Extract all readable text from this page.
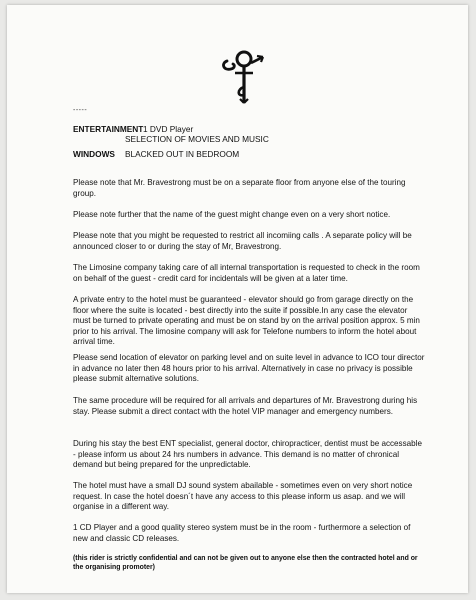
-----
ENTERTAINMENT 1 DVD Player
SELECTION OF MOVIES AND MUSIC
WINDOWS BLACKED OUT IN BEDROOM

Please note that Mr. Bravestrong must be on a separate floor from anyone else of the touring group.

Please note further that the name of the guest might change even on a very short notice.

Please note that you might be requested to restrict all incomiing calls . A separate policy will be announced closer to or during the stay of Mr, Bravestrong.

The Limosine company taking care of all internal transportation is requested to check in the room on behalf of the guest - credit card for incidentals will be given at a later time.

A private entry to the hotel must be guaranteed - elevator should go from garage directly on the floor where the suite is located - best directly into the suite if possible.In any case the elevator must be turned to private operating and must be on stand by on the arrival position approx. 5 min prior to his arrival. The limosine company will ask for Telefone numbers to inform the hotel about arrival time.

Please send location of elevator on parking level and on suite level in advance to ICO tour director in advance no later then 48 hours prior to his arrival. Alternatively in case no privacy is possible please submit alternative solutions.

The same procedure will be required for all arrivals and departures of Mr. Bravestrong during his stay. Please submit a direct contact with the hotel VIP manager and emergency numbers.

During his stay the best ENT specialist, general doctor, chiropracticer, dentist must be accessable - please inform us about 24 hrs numbers in advance. This demand is no matter of chronical demand but being prepared for the unpredictable.

The hotel must have a small DJ sound system abailable - sometimes even on very short notice request. In case the hotel doesn´t have any access to this please inform us asap. and we will organise in a different way.

1 CD Player and a good quality stereo system must be in the room - furthermore a selection of new and classic CD releases.

(this rider is strictly confidential and can not be given out to anyone else then the contracted hotel and or the organising promoter)
